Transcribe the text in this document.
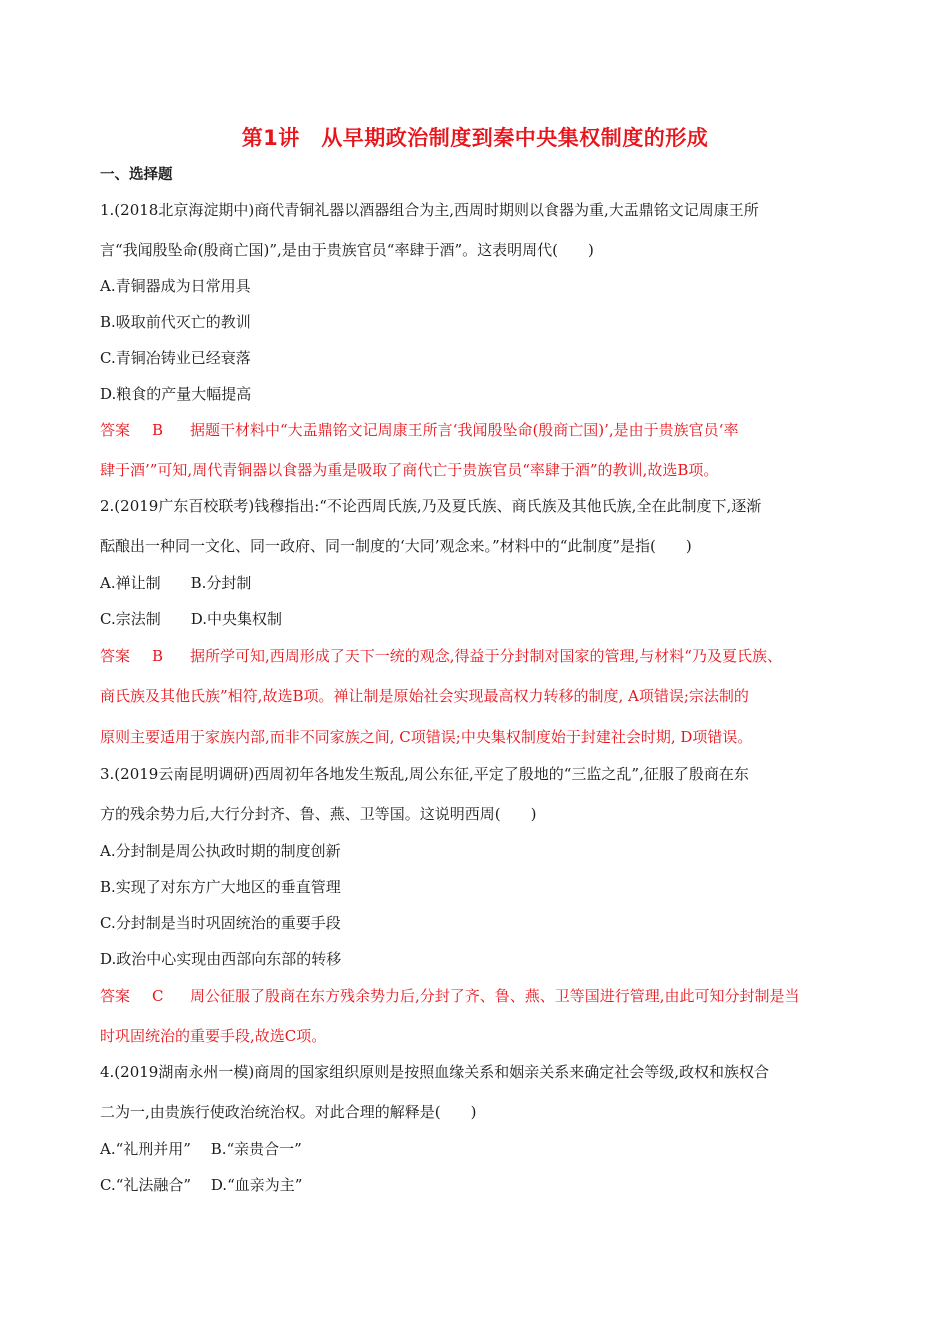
第1讲　从早期政治制度到秦中央集权制度的形成
一、选择题
1.(2018北京海淀期中)商代青铜礼器以酒器组合为主,西周时期则以食器为重,大盂鼎铭文记周康王所
言“我闻殷坠命(殷商亡国)”,是由于贵族官员“率肆于酒”。这表明周代(　　)
A.青铜器成为日常用具
B.吸取前代灭亡的教训
C.青铜冶铸业已经衰落
D.粮食的产量大幅提高
答案 B 据题干材料中“大盂鼎铭文记周康王所言‘我闻殷坠命(殷商亡国)’,是由于贵族官员‘率
肆于酒’”可知,周代青铜器以食器为重是吸取了商代亡于贵族官员“率肆于酒”的教训,故选B项。
2.(2019广东百校联考)钱穆指出:“不论西周氏族,乃及夏氏族、商氏族及其他氏族,全在此制度下,逐渐
酝酿出一种同一文化、同一政府、同一制度的‘大同’观念来。”材料中的“此制度”是指(　　)
A.禅让制　　B.分封制
C.宗法制　　D.中央集权制
答案 B 据所学可知,西周形成了天下一统的观念,得益于分封制对国家的管理,与材料“乃及夏氏族、
商氏族及其他氏族”相符,故选B项。禅让制是原始社会实现最高权力转移的制度, A项错误;宗法制的
原则主要适用于家族内部,而非不同家族之间, C项错误;中央集权制度始于封建社会时期, D项错误。
3.(2019云南昆明调研)西周初年各地发生叛乱,周公东征,平定了殷地的“三监之乱”,征服了殷商在东
方的残余势力后,大行分封齐、鲁、燕、卫等国。这说明西周(　　)
A.分封制是周公执政时期的制度创新
B.实现了对东方广大地区的垂直管理
C.分封制是当时巩固统治的重要手段
D.政治中心实现由西部向东部的转移
答案 C 周公征服了殷商在东方残余势力后,分封了齐、鲁、燕、卫等国进行管理,由此可知分封制是当
时巩固统治的重要手段,故选C项。
4.(2019湖南永州一模)商周的国家组织原则是按照血缘关系和姻亲关系来确定社会等级,政权和族权合
二为一,由贵族行使政治统治权。对此合理的解释是(　　)
A.“礼刑并用”　 B.“亲贵合一”
C.“礼法融合”　 D.“血亲为主”
